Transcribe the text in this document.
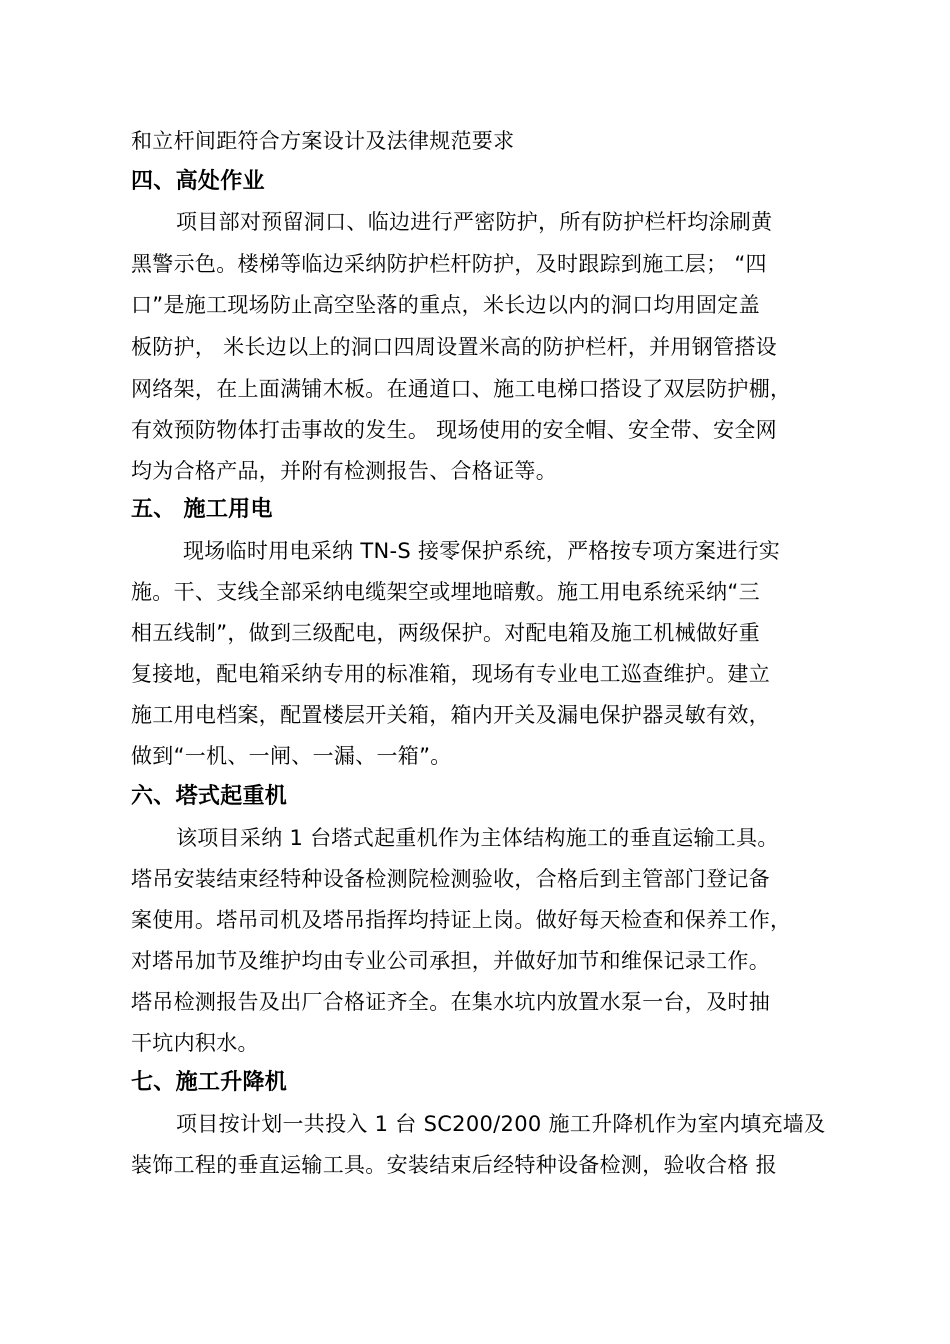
和立杆间距符合方案设计及法律规范要求
四、高处作业
项目部对预留洞口、临边进行严密防护，所有防护栏杆均涂刷黄
黑警示色。楼梯等临边采纳防护栏杆防护，及时跟踪到施工层； “四
口”是施工现场防止高空坠落的重点，米长边以内的洞口均用固定盖
板防护， 米长边以上的洞口四周设置米高的防护栏杆，并用钢管搭设
网络架，在上面满铺木板。在通道口、施工电梯口搭设了双层防护棚，
有效预防物体打击事故的发生。 现场使用的安全帽、安全带、安全网
均为合格产品，并附有检测报告、合格证等。
五、 施工用电
现场临时用电采纳 TN-S 接零保护系统，严格按专项方案进行实
施。干、支线全部采纳电缆架空或埋地暗敷。施工用电系统采纳“三
相五线制”，做到三级配电，两级保护。对配电箱及施工机械做好重
复接地，配电箱采纳专用的标准箱，现场有专业电工巡查维护。建立
施工用电档案，配置楼层开关箱，箱内开关及漏电保护器灵敏有效，
做到“一机、一闸、一漏、一箱”。
六、塔式起重机
该项目采纳 1 台塔式起重机作为主体结构施工的垂直运输工具。
塔吊安装结束经特种设备检测院检测验收，合格后到主管部门登记备
案使用。塔吊司机及塔吊指挥均持证上岗。做好每天检查和保养工作，
对塔吊加节及维护均由专业公司承担，并做好加节和维保记录工作。
塔吊检测报告及出厂合格证齐全。在集水坑内放置水泵一台，及时抽
干坑内积水。
七、施工升降机
项目按计划一共投入 1 台 SC200/200 施工升降机作为室内填充墙及
装饰工程的垂直运输工具。安装结束后经特种设备检测，验收合格 报
